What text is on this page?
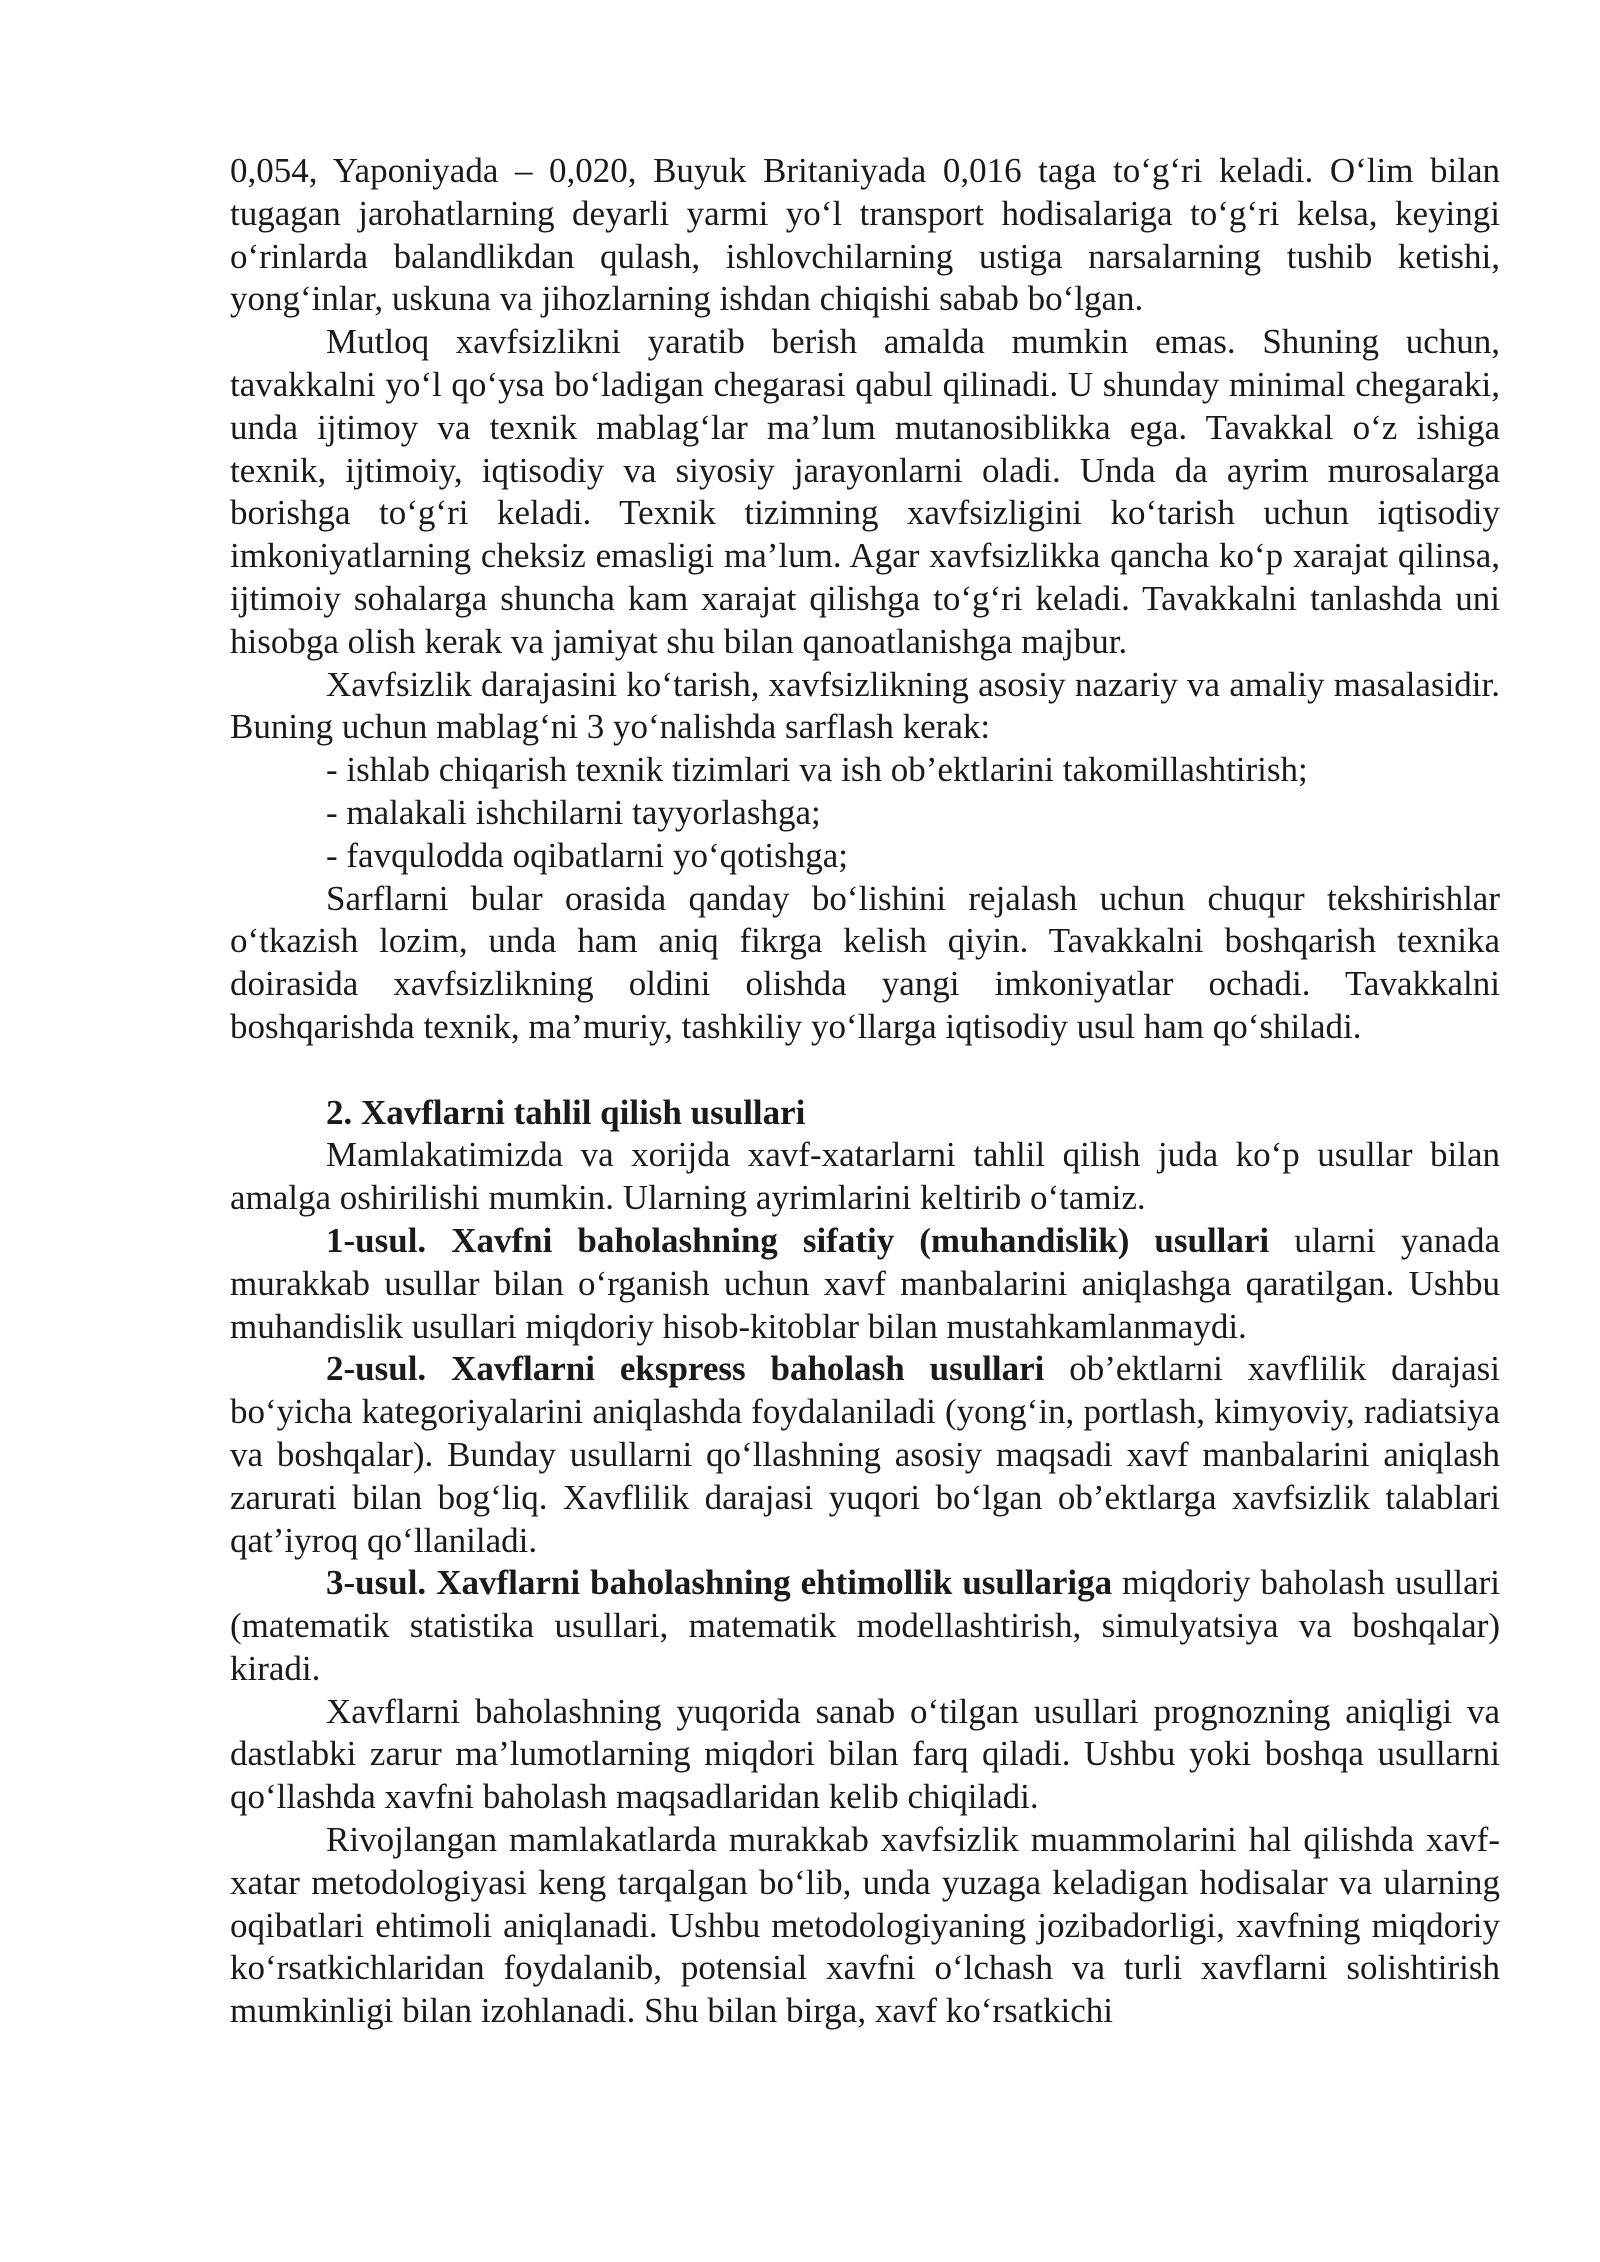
0,054, Yaponiyada – 0,020, Buyuk Britaniyada 0,016 taga to‘g‘ri keladi. O‘lim bilan tugagan jarohatlarning deyarli yarmi yo‘l transport hodisalariga to‘g‘ri kelsa, keyingi o‘rinlarda balandlikdan qulash, ishlovchilarning ustiga narsalarning tushib ketishi, yong‘inlar, uskuna va jihozlarning ishdan chiqishi sabab bo‘lgan.

Mutloq xavfsizlikni yaratib berish amalda mumkin emas. Shuning uchun, tavakkalni yo‘l qo‘ysa bo‘ladigan chegarasi qabul qilinadi. U shunday minimal chegaraki, unda ijtimoy va texnik mablag‘lar ma’lum mutanosiblikka ega. Tavakkal o‘z ishiga texnik, ijtimoiy, iqtisodiy va siyosiy jarayonlarni oladi. Unda da ayrim murosalarga borishga to‘g‘ri keladi. Texnik tizimning xavfsizligini ko‘tarish uchun iqtisodiy imkoniyatlarning cheksiz emasligi ma’lum. Agar xavfsizlikka qancha ko‘p xarajat qilinsa, ijtimoiy sohalarga shuncha kam xarajat qilishga to‘g‘ri keladi. Tavakkalni tanlashda uni hisobga olish kerak va jamiyat shu bilan qanoatlanishga majbur.

Xavfsizlik darajasini ko‘tarish, xavfsizlikning asosiy nazariy va amaliy masalasidir. Buning uchun mablag‘ni 3 yo‘nalishda sarflash kerak:

- ishlab chiqarish texnik tizimlari va ish ob’ektlarini takomillashtirish;

- malakali ishchilarni tayyorlashga;

- favqulodda oqibatlarni yo‘qotishga;

Sarflarni bular orasida qanday bo‘lishini rejalash uchun chuqur tekshirishlar o‘tkazish lozim, unda ham aniq fikrga kelish qiyin. Tavakkalni boshqarish texnika doirasida xavfsizlikning oldini olishda yangi imkoniyatlar ochadi. Tavakkalni boshqarishda texnik, ma’muriy, tashkiliy yo‘llarga iqtisodiy usul ham qo‘shiladi.

2. Xavflarni tahlil qilish usullari

Mamlakatimizda va xorijda xavf-xatarlarni tahlil qilish juda ko‘p usullar bilan amalga oshirilishi mumkin. Ularning ayrimlarini keltirib o‘tamiz.

1-usul. Xavfni baholashning sifatiy (muhandislik) usullari ularni yanada murakkab usullar bilan o‘rganish uchun xavf manbalarini aniqlashga qaratilgan. Ushbu muhandislik usullari miqdoriy hisob-kitoblar bilan mustahkamlanmaydi.

2-usul. Xavflarni ekspress baholash usullari ob’ektlarni xavflilik darajasi bo‘yicha kategoriyalarini aniqlashda foydalaniladi (yong‘in, portlash, kimyoviy, radiatsiya va boshqalar). Bunday usullarni qo‘llashning asosiy maqsadi xavf manbalarini aniqlash zarurati bilan bog‘liq. Xavflilik darajasi yuqori bo‘lgan ob’ektlarga xavfsizlik talablari qat’iyroq qo‘llaniladi.

3-usul. Xavflarni baholashning ehtimollik usullariga miqdoriy baholash usullari (matematik statistika usullari, matematik modellashtirish, simulyatsiya va boshqalar) kiradi.

Xavflarni baholashning yuqorida sanab o‘tilgan usullari prognozning aniqligi va dastlabki zarur ma’lumotlarning miqdori bilan farq qiladi. Ushbu yoki boshqa usullarni qo‘llashda xavfni baholash maqsadlaridan kelib chiqiladi.

Rivojlangan mamlakatlarda murakkab xavfsizlik muammolarini hal qilishda xavf-xatar metodologiyasi keng tarqalgan bo‘lib, unda yuzaga keladigan hodisalar va ularning oqibatlari ehtimoli aniqlanadi. Ushbu metodologiyaning jozibadorligi, xavfning miqdoriy ko‘rsatkichlaridan foydalanib, potensial xavfni o‘lchash va turli xavflarni solishtirish mumkinligi bilan izohlanadi. Shu bilan birga, xavf ko‘rsatkichi
